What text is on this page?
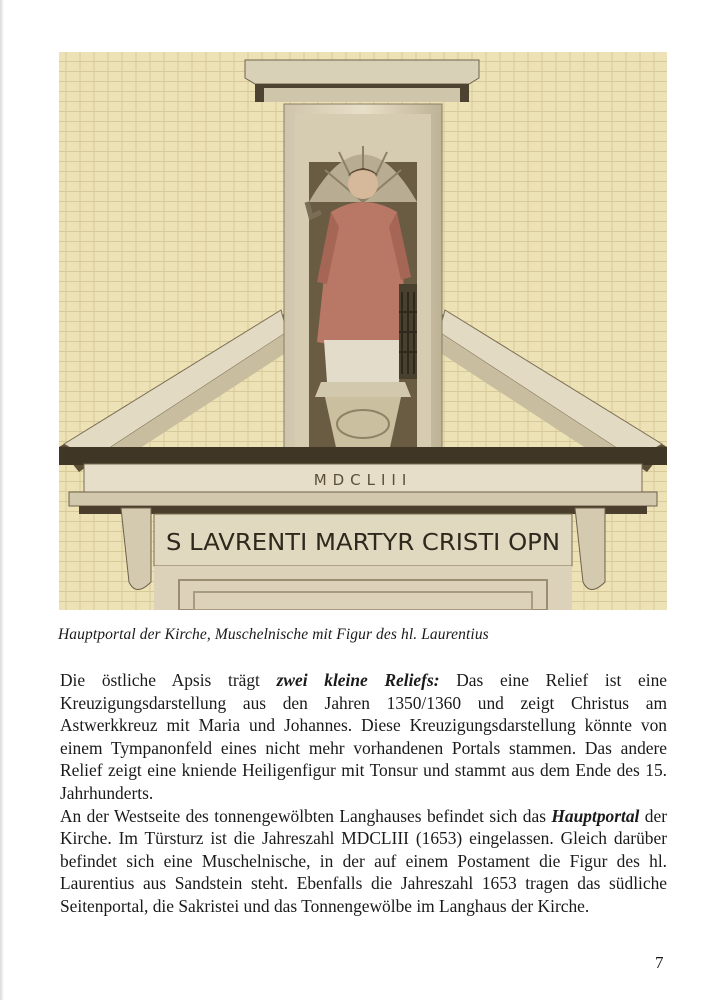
MDCLIII
S LAVRENTI MARTYR CRISTI OPN
Hauptportal der Kirche, Muschelnische mit Figur des hl. Laurentius

Die östliche Apsis trägt zwei kleine Reliefs: Das eine Relief ist eine Kreuzigungsdarstellung aus den Jahren 1350/1360 und zeigt Christus am Astwerkkreuz mit Maria und Johannes. Diese Kreuzigungsdarstellung könnte von einem Tympanonfeld eines nicht mehr vorhandenen Portals stammen. Das andere Relief zeigt eine kniende Heiligenfigur mit Tonsur und stammt aus dem Ende des 15. Jahrhunderts.

An der Westseite des tonnengewölbten Langhauses befindet sich das Hauptportal der Kirche. Im Türsturz ist die Jahreszahl MDCLIII (1653) eingelassen. Gleich darüber befindet sich eine Muschelnische, in der auf einem Postament die Figur des hl. Laurentius aus Sandstein steht. Ebenfalls die Jahreszahl 1653 tragen das südliche Seitenportal, die Sakristei und das Tonnengewölbe im Langhaus der Kirche.

7
